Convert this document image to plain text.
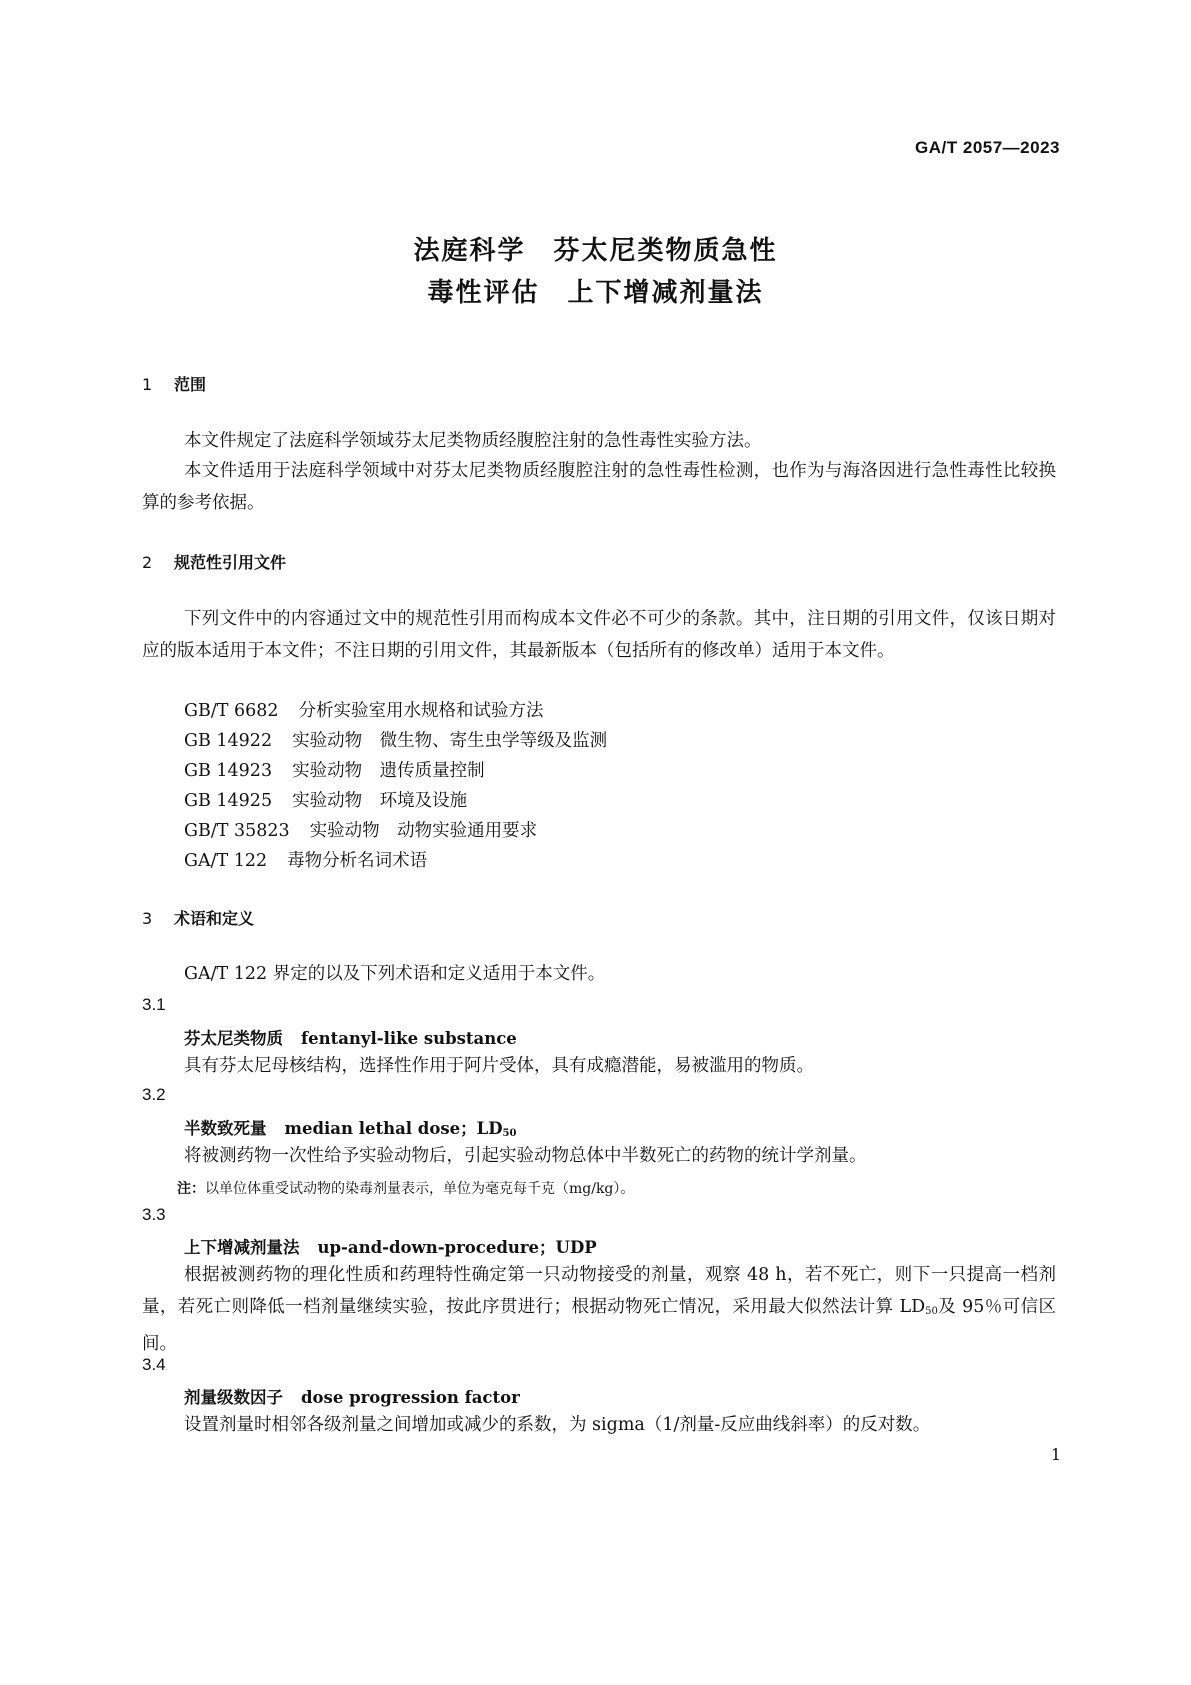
GA/T 2057—2023
法庭科学　芬太尼类物质急性
毒性评估　上下增减剂量法
1 范围
本文件规定了法庭科学领域芬太尼类物质经腹腔注射的急性毒性实验方法。
本文件适用于法庭科学领域中对芬太尼类物质经腹腔注射的急性毒性检测，也作为与海洛因进行急性毒性比较换算的参考依据。
2 规范性引用文件
下列文件中的内容通过文中的规范性引用而构成本文件必不可少的条款。其中，注日期的引用文件，仅该日期对应的版本适用于本文件；不注日期的引用文件，其最新版本（包括所有的修改单）适用于本文件。
GB/T 6682 分析实验室用水规格和试验方法
GB 14922 实验动物　微生物、寄生虫学等级及监测
GB 14923 实验动物　遗传质量控制
GB 14925 实验动物　环境及设施
GB/T 35823 实验动物　动物实验通用要求
GA/T 122 毒物分析名词术语
3 术语和定义
GA/T 122 界定的以及下列术语和定义适用于本文件。
3.1
芬太尼类物质 fentanyl-like substance
具有芬太尼母核结构，选择性作用于阿片受体，具有成瘾潜能，易被滥用的物质。
3.2
半数致死量 median lethal dose；$LD_{50}$
将被测药物一次性给予实验动物后，引起实验动物总体中半数死亡的药物的统计学剂量。
注：以单位体重受试动物的染毒剂量表示，单位为毫克每千克（mg/kg）。
3.3
上下增减剂量法 up-and-down-procedure；UDP
根据被测药物的理化性质和药理特性确定第一只动物接受的剂量，观察 48 h，若不死亡，则下一只提高一档剂量，若死亡则降低一档剂量继续实验，按此序贯进行；根据动物死亡情况，采用最大似然法计算 $LD_{50}$及 95％可信区间。
3.4
剂量级数因子 dose progression factor
设置剂量时相邻各级剂量之间增加或减少的系数，为 sigma（1/剂量-反应曲线斜率）的反对数。
1
